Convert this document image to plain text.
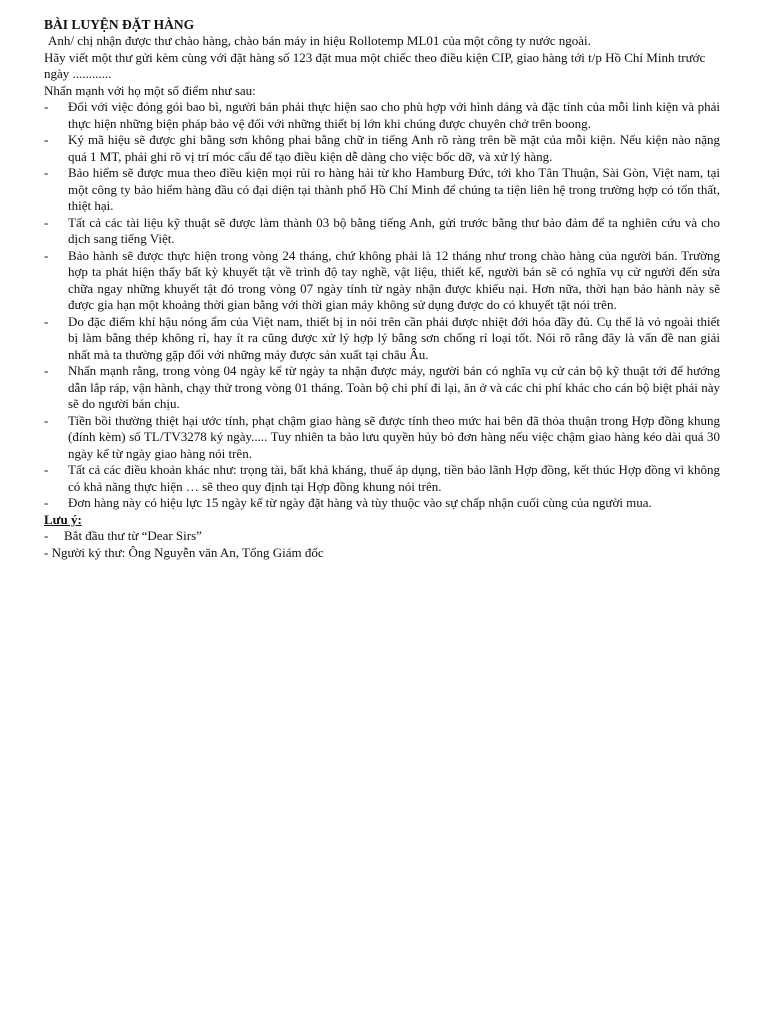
BÀI LUYỆN ĐẶT HÀNG

Anh/ chị nhận được thư chào hàng, chào bán máy in hiệu Rollotemp ML01 của một công ty nước ngoài.

Hãy viết một thư gửi kèm cùng với đặt hàng số 123 đặt mua một chiếc theo điều kiện CIP, giao hàng tới t/p Hồ Chí Minh trước ngày ............

Nhấn mạnh với họ một số điểm như sau:

- Đối với việc đóng gói bao bì, người bán phải thực hiện sao cho phù hợp với hình dáng và đặc tính của mỗi linh kiện và phải thực hiện những biện pháp bảo vệ đối với những thiết bị lớn khi chúng được chuyên chở trên boong.
- Ký mã hiệu sẽ được ghi bằng sơn không phai bằng chữ in tiếng Anh rõ ràng trên bề mặt của mỗi kiện. Nếu kiện nào nặng quá 1 MT, phải ghi rõ vị trí móc cẩu để tạo điều kiện dễ dàng cho việc bốc dỡ, và xử lý hàng.
- Bảo hiểm sẽ được mua theo điều kiện mọi rủi ro hàng hải từ kho Hamburg Đức, tới kho Tân Thuận, Sài Gòn, Việt nam, tại một công ty bảo hiểm hàng đầu có đại diện tại thành phố Hồ Chí Minh để chúng ta tiện liên hệ trong trường hợp có tổn thất, thiệt hại.
- Tất cả các tài liệu kỹ thuật sẽ được làm thành 03 bộ bằng tiếng Anh, gửi trước bằng thư bảo đảm để ta nghiên cứu và cho dịch sang tiếng Việt.
- Bảo hành sẽ được thực hiện trong vòng 24 tháng, chứ không phải là 12 tháng như trong chào hàng của người bán. Trường hợp ta phát hiện thấy bất kỳ khuyết tật về trình độ tay nghề, vật liệu, thiết kế, người bán sẽ có nghĩa vụ cử người đến sửa chữa ngay những khuyết tật đó trong vòng 07 ngày tính từ ngày nhận được khiếu nại. Hơn nữa, thời hạn bảo hành này sẽ được gia hạn một khoảng thời gian bằng với thời gian máy không sử dụng được do có khuyết tật nói trên.
- Do đặc điểm khí hậu nóng ẩm của Việt nam, thiết bị in nói trên cần phải được nhiệt đới hóa đầy đủ. Cụ thể là vỏ ngoài thiết bị làm bằng thép không rỉ, hay ít ra cũng được xử lý hợp lý bằng sơn chống rỉ loại tốt. Nói rõ rằng đây là vấn đề nan giải nhất mà ta thường gặp đối với những máy được sản xuất tại châu Âu.
- Nhấn mạnh rằng, trong vòng 04 ngày kể từ ngày ta nhận được máy, người bán có nghĩa vụ cử cán bộ kỹ thuật tới để hướng dẫn lắp ráp, vận hành, chạy thử trong vòng 01 tháng. Toàn bộ chi phí đi lại, ăn ở và các chi phí khác cho cán bộ biệt phái này sẽ do người bán chịu.
- Tiền bồi thường thiệt hại ước tính, phạt chậm giao hàng sẽ được tính theo mức hai bên đã thỏa thuận trong Hợp đồng khung (đính kèm) số TL/TV3278 ký ngày..... Tuy nhiên ta bảo lưu quyền hủy bỏ đơn hàng nếu việc chậm giao hàng kéo dài quá 30 ngày kể từ ngày giao hàng nói trên.
- Tất cả các điều khoản khác như: trọng tài, bất khả kháng, thuế áp dụng, tiền bảo lãnh Hợp đồng, kết thúc Hợp đồng vì không có khả năng thực hiện … sẽ theo quy định tại Hợp đồng khung nói trên.
- Đơn hàng này có hiệu lực 15 ngày kể từ ngày đặt hàng và tùy thuộc vào sự chấp nhận cuối cùng của người mua.

Lưu ý:

- Bắt đầu thư từ “Dear Sirs”

- Người ký thư: Ông Nguyễn văn An, Tổng Giám đốc
